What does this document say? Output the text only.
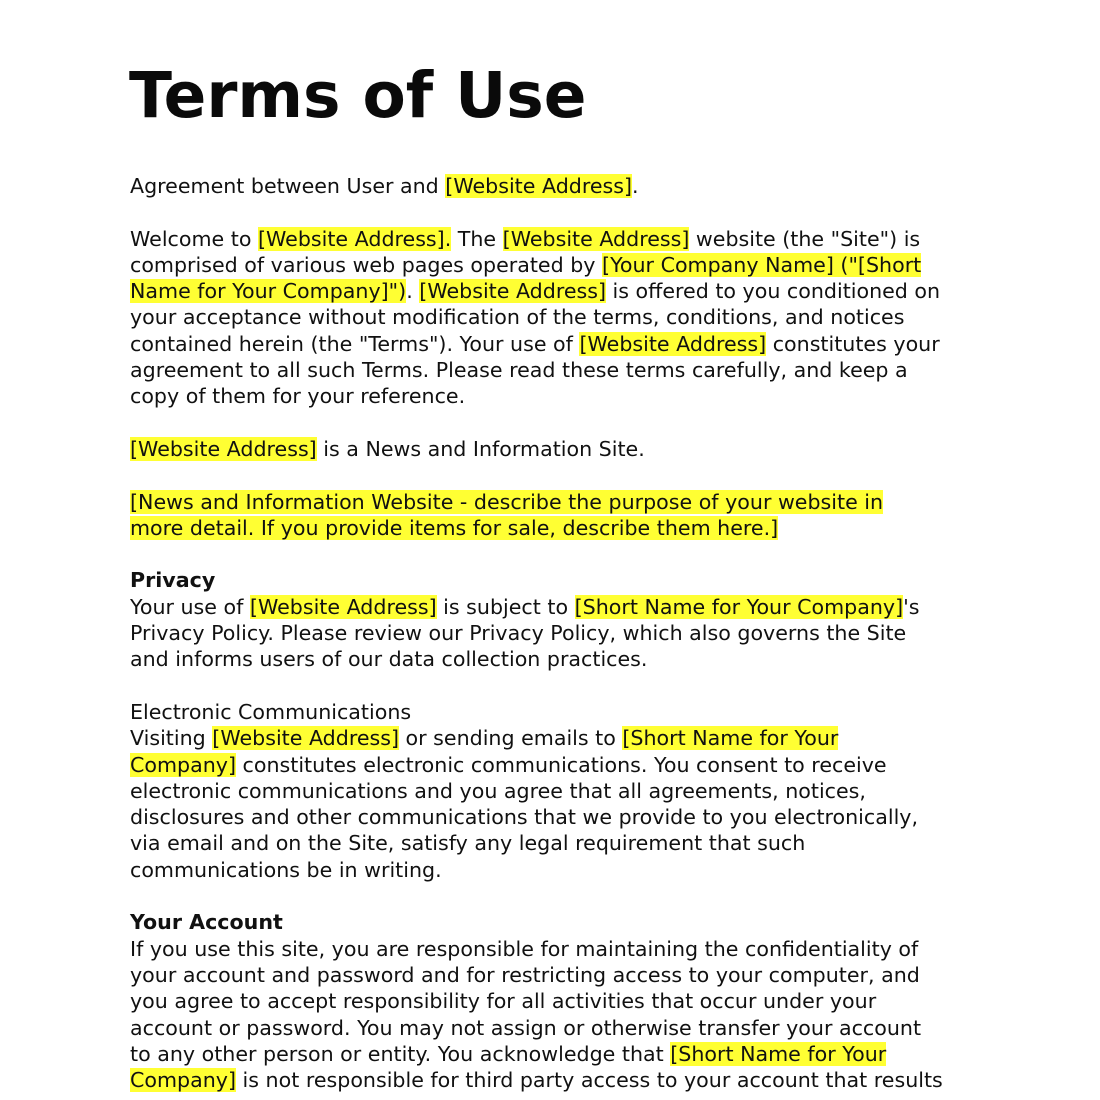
Terms of Use
Agreement between User and [Website Address].
Welcome to [Website Address]. The [Website Address] website (the "Site") is
comprised of various web pages operated by [Your Company Name] ("[Short
Name for Your Company]"). [Website Address] is offered to you conditioned on
your acceptance without modification of the terms, conditions, and notices
contained herein (the "Terms"). Your use of [Website Address] constitutes your
agreement to all such Terms. Please read these terms carefully, and keep a
copy of them for your reference.
[Website Address] is a News and Information Site.
[News and Information Website - describe the purpose of your website in
more detail. If you provide items for sale, describe them here.]
Privacy
Your use of [Website Address] is subject to [Short Name for Your Company]'s
Privacy Policy. Please review our Privacy Policy, which also governs the Site
and informs users of our data collection practices.
Electronic Communications
Visiting [Website Address] or sending emails to [Short Name for Your
Company] constitutes electronic communications. You consent to receive
electronic communications and you agree that all agreements, notices,
disclosures and other communications that we provide to you electronically,
via email and on the Site, satisfy any legal requirement that such
communications be in writing.
Your Account
If you use this site, you are responsible for maintaining the confidentiality of
your account and password and for restricting access to your computer, and
you agree to accept responsibility for all activities that occur under your
account or password. You may not assign or otherwise transfer your account
to any other person or entity. You acknowledge that [Short Name for Your
Company] is not responsible for third party access to your account that results
